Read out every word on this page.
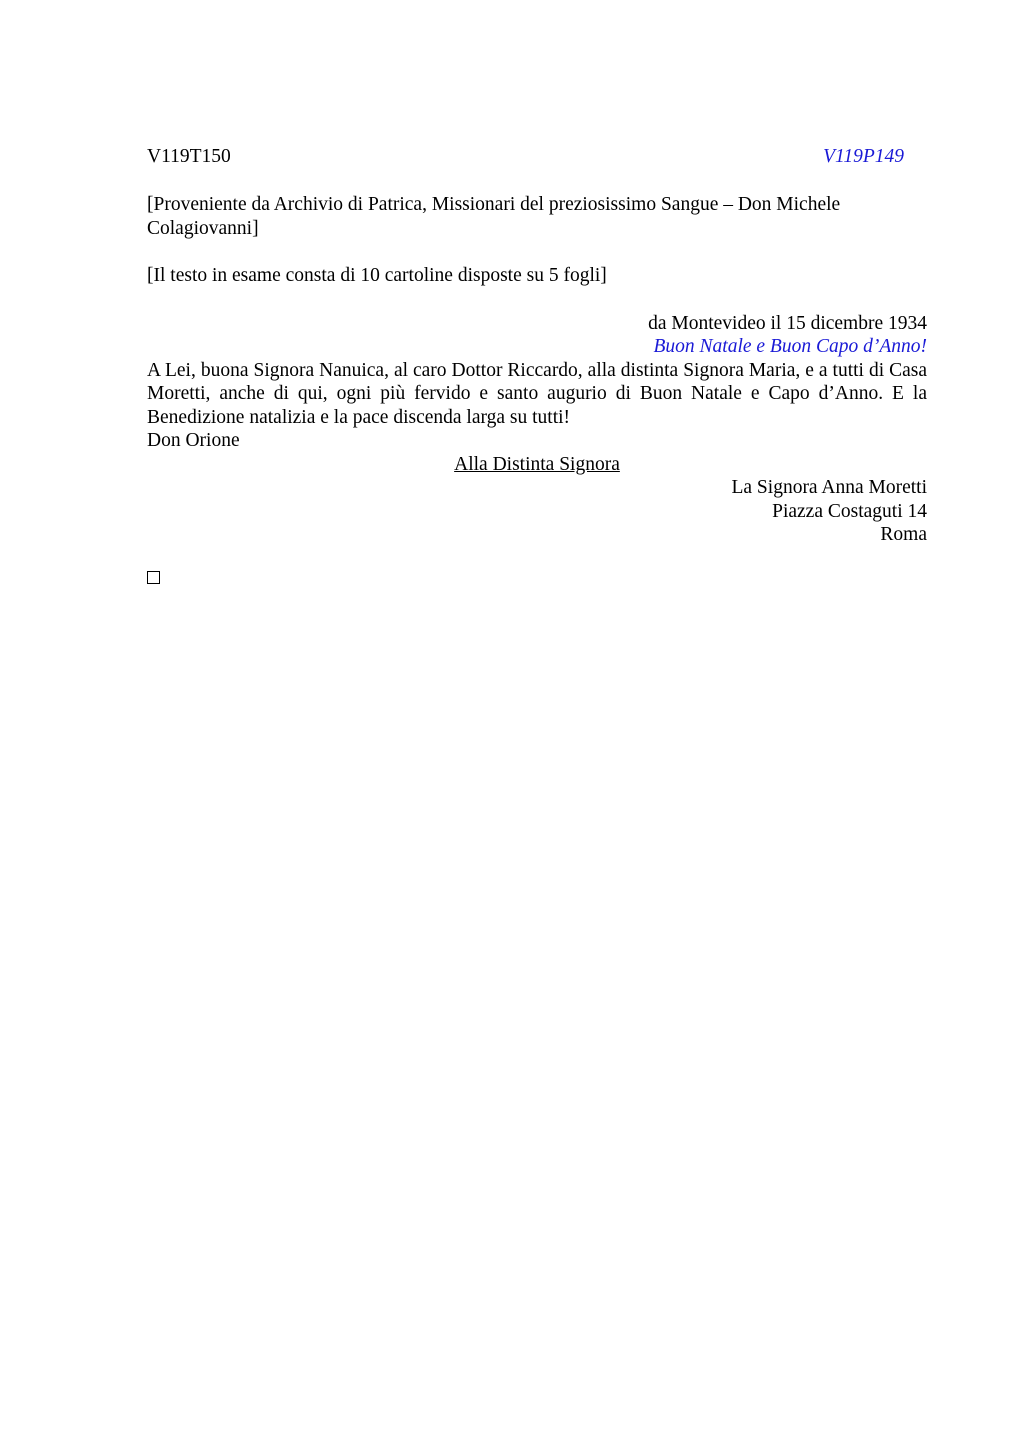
V119T150	V119P149

[Proveniente da Archivio di Patrica, Missionari del preziosissimo Sangue – Don Michele Colagiovanni]

[Il testo in esame consta di 10 cartoline disposte su 5 fogli]

da Montevideo il 15 dicembre 1934
Buon Natale e Buon Capo d’Anno!

A Lei, buona Signora Nanuica, al caro Dottor Riccardo, alla distinta Signora Maria, e a tutti di Casa Moretti, anche di qui, ogni più fervido e santo augurio di Buon Natale e Capo d’Anno. E la Benedizione natalizia e la pace discenda larga su tutti!

Don Orione

Alla Distinta Signora
La Signora Anna Moretti
Piazza Costaguti 14
Roma
